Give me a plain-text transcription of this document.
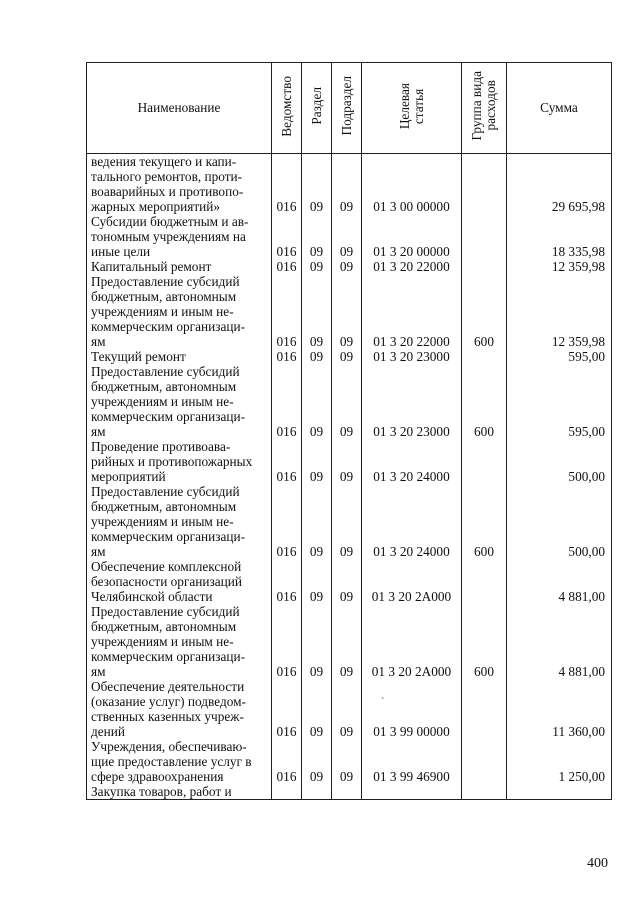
Наименование	Ведомство	Раздел	Подраздел	Целевая
статья	Группа вида
расходов	Сумма
ведения текущего и капи-
тального ремонтов, проти-
воаварийных и противопо-
жарных мероприятий»	016	09	09	01 3 00 00000		29 695,98
Субсидии бюджетным и ав-
тономным учреждениям на
иные цели	016	09	09	01 3 20 00000		18 335,98
Капитальный ремонт	016	09	09	01 3 20 22000		12 359,98
Предоставление субсидий
бюджетным, автономным
учреждениям и иным не-
коммерческим организаци-
ям	016	09	09	01 3 20 22000	600	12 359,98
Текущий ремонт	016	09	09	01 3 20 23000		595,00
Предоставление субсидий
бюджетным, автономным
учреждениям и иным не-
коммерческим организаци-
ям	016	09	09	01 3 20 23000	600	595,00
Проведение противоава-
рийных и противопожарных
мероприятий	016	09	09	01 3 20 24000		500,00
Предоставление субсидий
бюджетным, автономным
учреждениям и иным не-
коммерческим организаци-
ям	016	09	09	01 3 20 24000	600	500,00
Обеспечение комплексной
безопасности организаций
Челябинской области	016	09	09	01 3 20 2А000		4 881,00
Предоставление субсидий
бюджетным, автономным
учреждениям и иным не-
коммерческим организаци-
ям	016	09	09	01 3 20 2А000	600	4 881,00
Обеспечение деятельности
(оказание услуг) подведом-
ственных казенных учреж-
дений	016	09	09	01 3 99 00000		11 360,00
Учреждения, обеспечиваю-
щие предоставление услуг в
сфере здравоохранения	016	09	09	01 3 99 46900		1 250,00
Закупка товаров, работ и						
`
400
